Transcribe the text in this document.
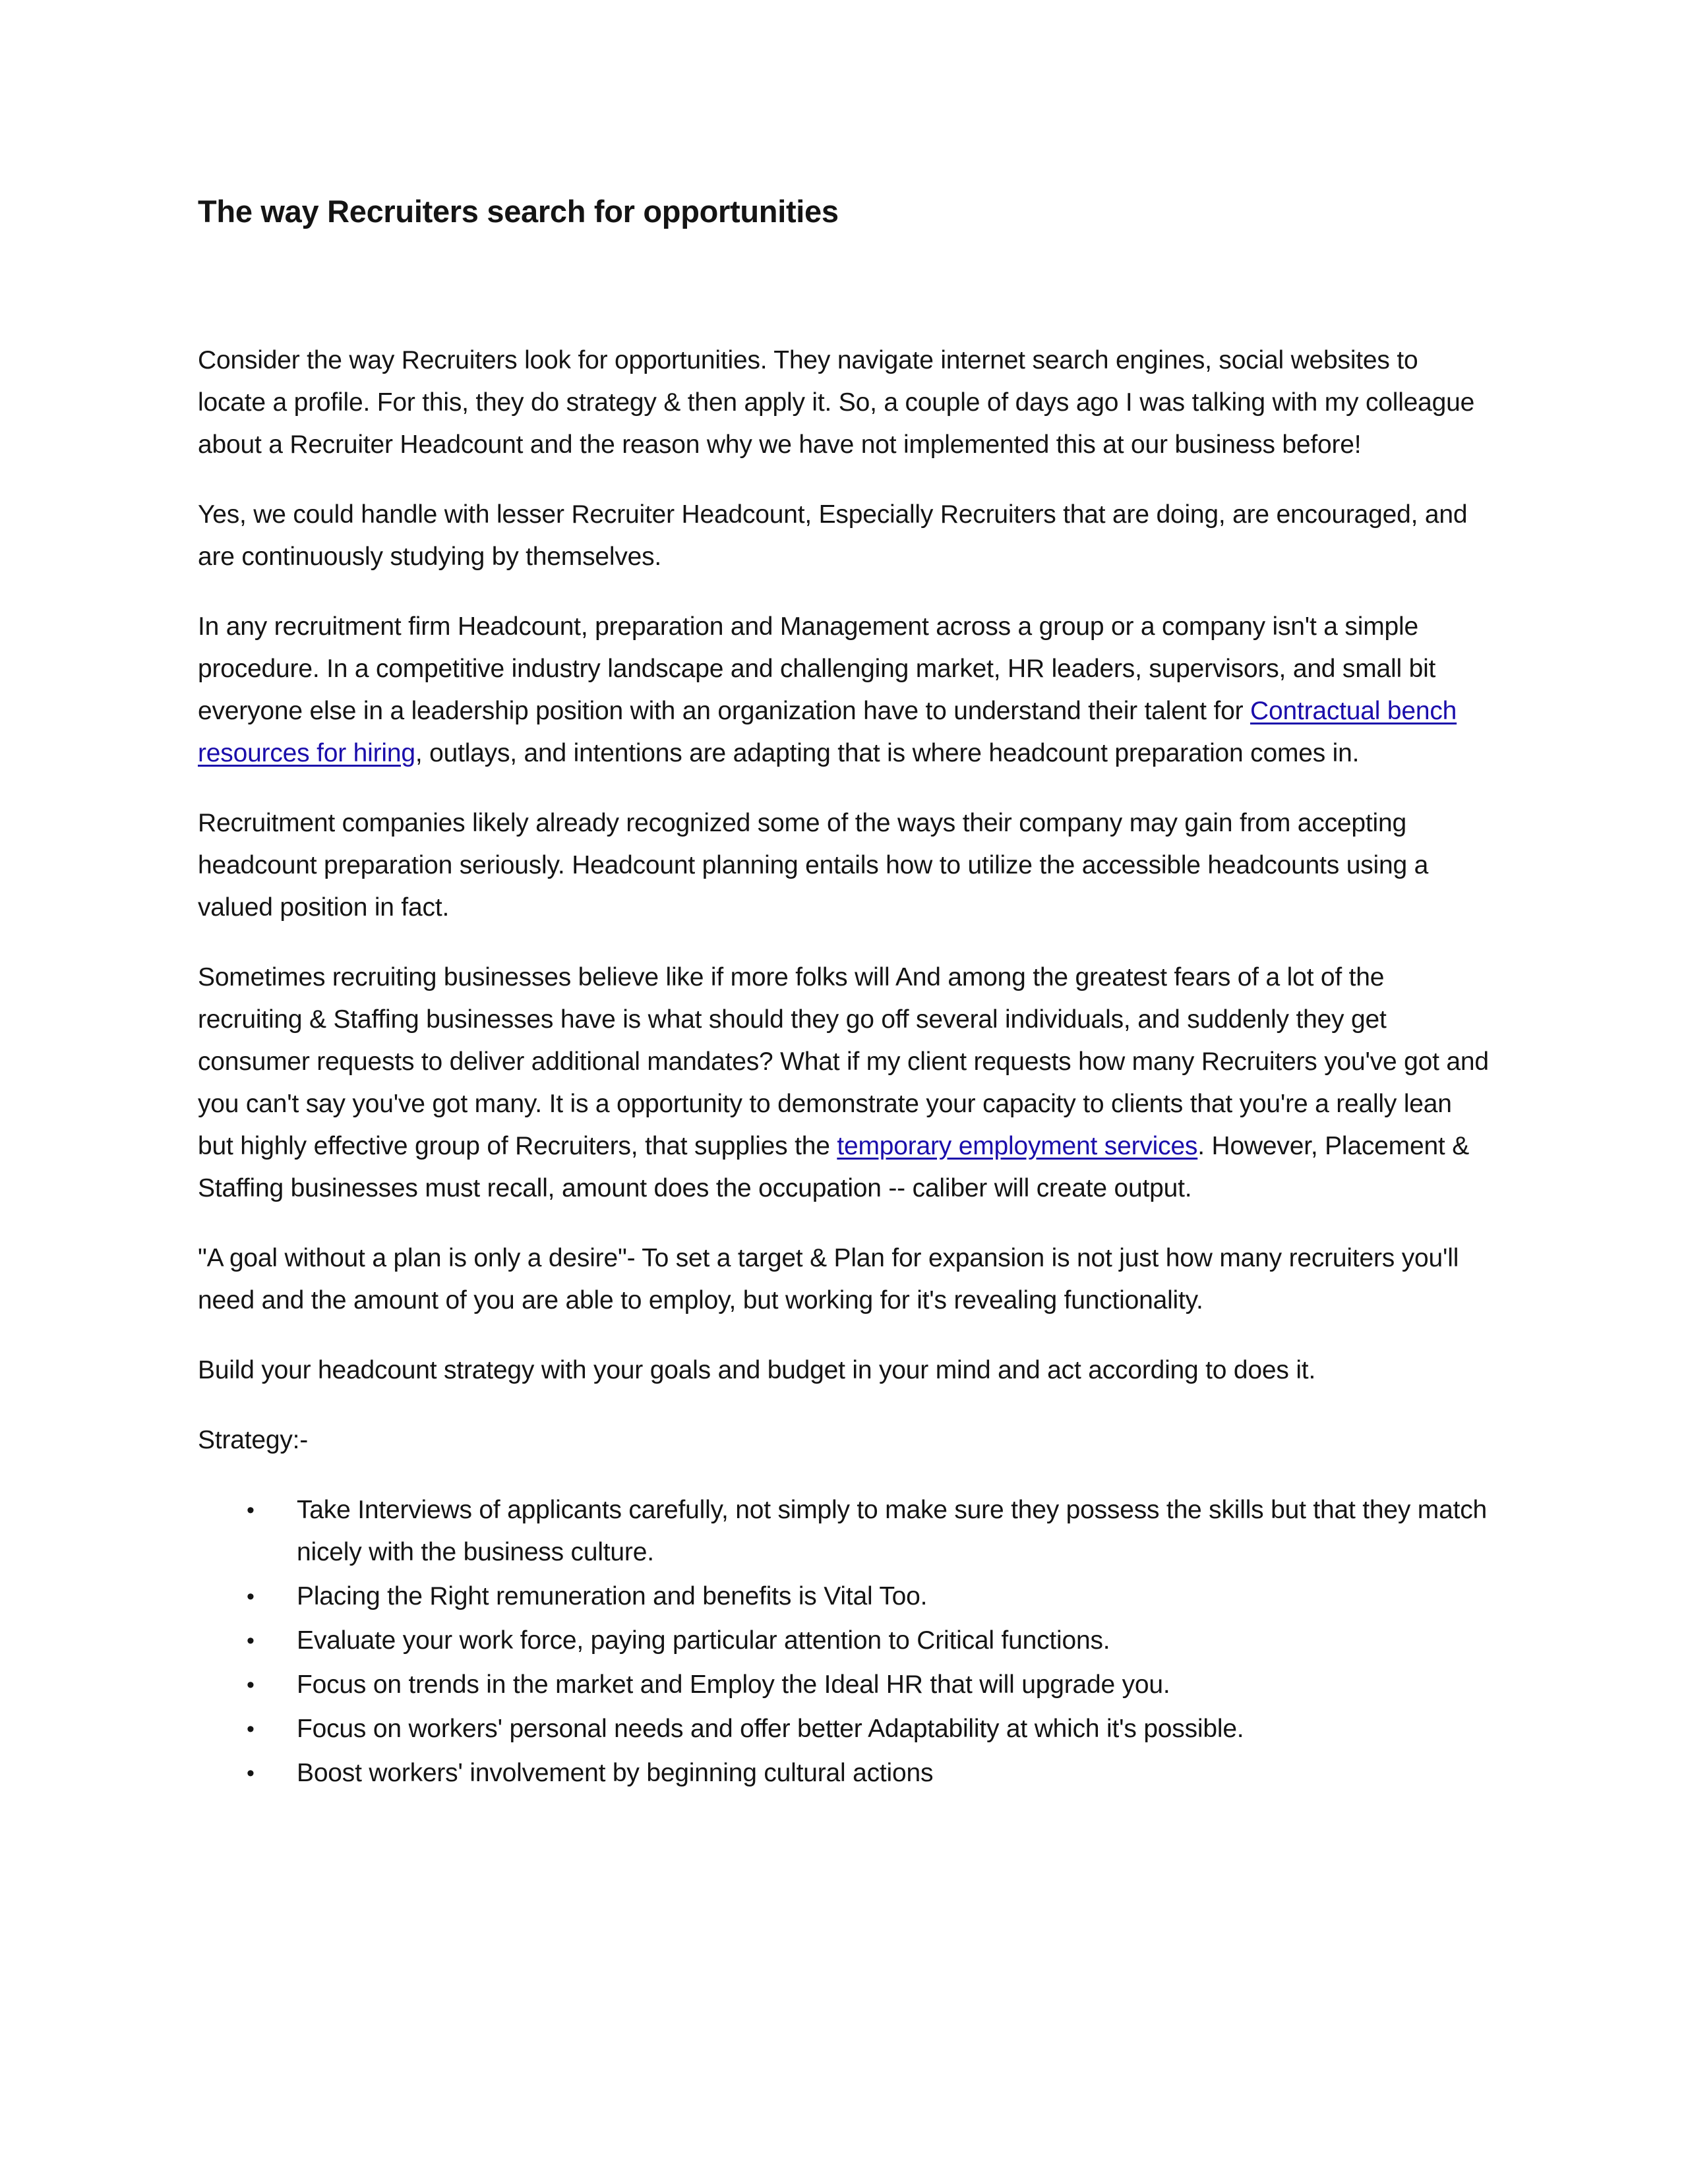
The way Recruiters search for opportunities

Consider the way Recruiters look for opportunities. They navigate internet search engines, social websites to locate a profile. For this, they do strategy & then apply it. So, a couple of days ago I was talking with my colleague about a Recruiter Headcount and the reason why we have not implemented this at our business before!

Yes, we could handle with lesser Recruiter Headcount, Especially Recruiters that are doing, are encouraged, and are continuously studying by themselves.

In any recruitment firm Headcount, preparation and Management across a group or a company isn't a simple procedure. In a competitive industry landscape and challenging market, HR leaders, supervisors, and small bit everyone else in a leadership position with an organization have to understand their talent for Contractual bench resources for hiring, outlays, and intentions are adapting that is where headcount preparation comes in.

Recruitment companies likely already recognized some of the ways their company may gain from accepting headcount preparation seriously. Headcount planning entails how to utilize the accessible headcounts using a valued position in fact.

Sometimes recruiting businesses believe like if more folks will And among the greatest fears of a lot of the recruiting & Staffing businesses have is what should they go off several individuals, and suddenly they get consumer requests to deliver additional mandates? What if my client requests how many Recruiters you've got and you can't say you've got many. It is a opportunity to demonstrate your capacity to clients that you're a really lean but highly effective group of Recruiters, that supplies the temporary employment services. However, Placement & Staffing businesses must recall, amount does the occupation -- caliber will create output.

"A goal without a plan is only a desire"- To set a target & Plan for expansion is not just how many recruiters you'll need and the amount of you are able to employ, but working for it's revealing functionality.

Build your headcount strategy with your goals and budget in your mind and act according to does it.

Strategy:-

• Take Interviews of applicants carefully, not simply to make sure they possess the skills but that they match nicely with the business culture.
• Placing the Right remuneration and benefits is Vital Too.
• Evaluate your work force, paying particular attention to Critical functions.
• Focus on trends in the market and Employ the Ideal HR that will upgrade you.
• Focus on workers' personal needs and offer better Adaptability at which it's possible.
• Boost workers' involvement by beginning cultural actions
